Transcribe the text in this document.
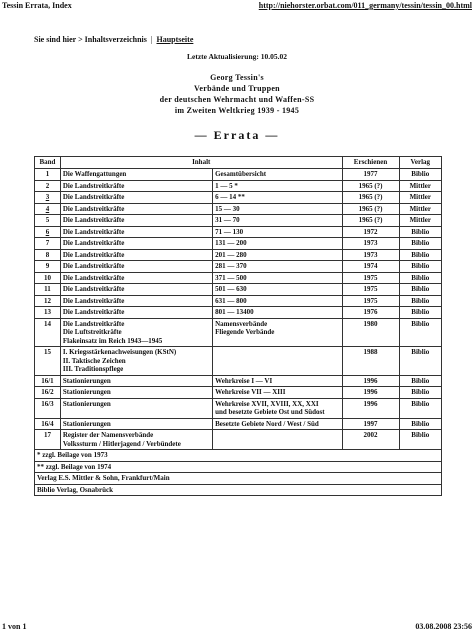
Tessin Errata, Index	http://niehorster.orbat.com/011_germany/tessin/tessin_00.html
Sie sind hier > Inhaltsverzeichnis | Hauptseite
Letzte Aktualisierung: 10.05.02
Georg Tessin's
Verbände und Truppen
der deutschen Wehrmacht und Waffen-SS
im Zweiten Weltkrieg 1939 - 1945
— Errata —
Band	Inhalt		Erschienen	Verlag
1	Die Waffengattungen	Gesamtübersicht	1977	Biblio
2	Die Landstreitkräfte	1 — 5 *	1965 (?)	Mittler
3	Die Landstreitkräfte	6 — 14 **	1965 (?)	Mittler
4	Die Landstreitkräfte	15 — 30	1965 (?)	Mittler
5	Die Landstreitkräfte	31 — 70	1965 (?)	Mittler
6	Die Landstreitkräfte	71 — 130	1972	Biblio
7	Die Landstreitkräfte	131 — 200	1973	Biblio
8	Die Landstreitkräfte	201 — 280	1973	Biblio
9	Die Landstreitkräfte	281 — 370	1974	Biblio
10	Die Landstreitkräfte	371 — 500	1975	Biblio
11	Die Landstreitkräfte	501 — 630	1975	Biblio
12	Die Landstreitkräfte	631 — 800	1975	Biblio
13	Die Landstreitkräfte	801 — 13400	1976	Biblio
14	Die Landstreitkräfte
Die Luftstreitkräfte
Flakeinsatz im Reich 1943—1945	Namensverbände
Fliegende Verbände	1980	Biblio
15	I. Kriegsstärkenachweisungen (KStN)
II. Taktische Zeichen
III. Traditionspflege		1988	Biblio
16/1	Stationierungen	Wehrkreise I — VI	1996	Biblio
16/2	Stationierungen	Wehrkreise VII — XIII	1996	Biblio
16/3	Stationierungen	Wehrkreise XVII, XVIII, XX, XXI
und besetzte Gebiete Ost und Südost	1996	Biblio
16/4	Stationierungen	Besetzte Gebiete Nord / West / Süd	1997	Biblio
17	Register der Namensverbände
Volkssturm / Hitlerjagend / Verbündete		2002	Biblio
* zzgl. Beilage von 1973				
** zzgl. Beilage von 1974				
Verlag E.S. Mittler & Sohn, Frankfurt/Main				
Biblio Verlag, Osnabrück				
1 von 1	03.08.2008 23:56
